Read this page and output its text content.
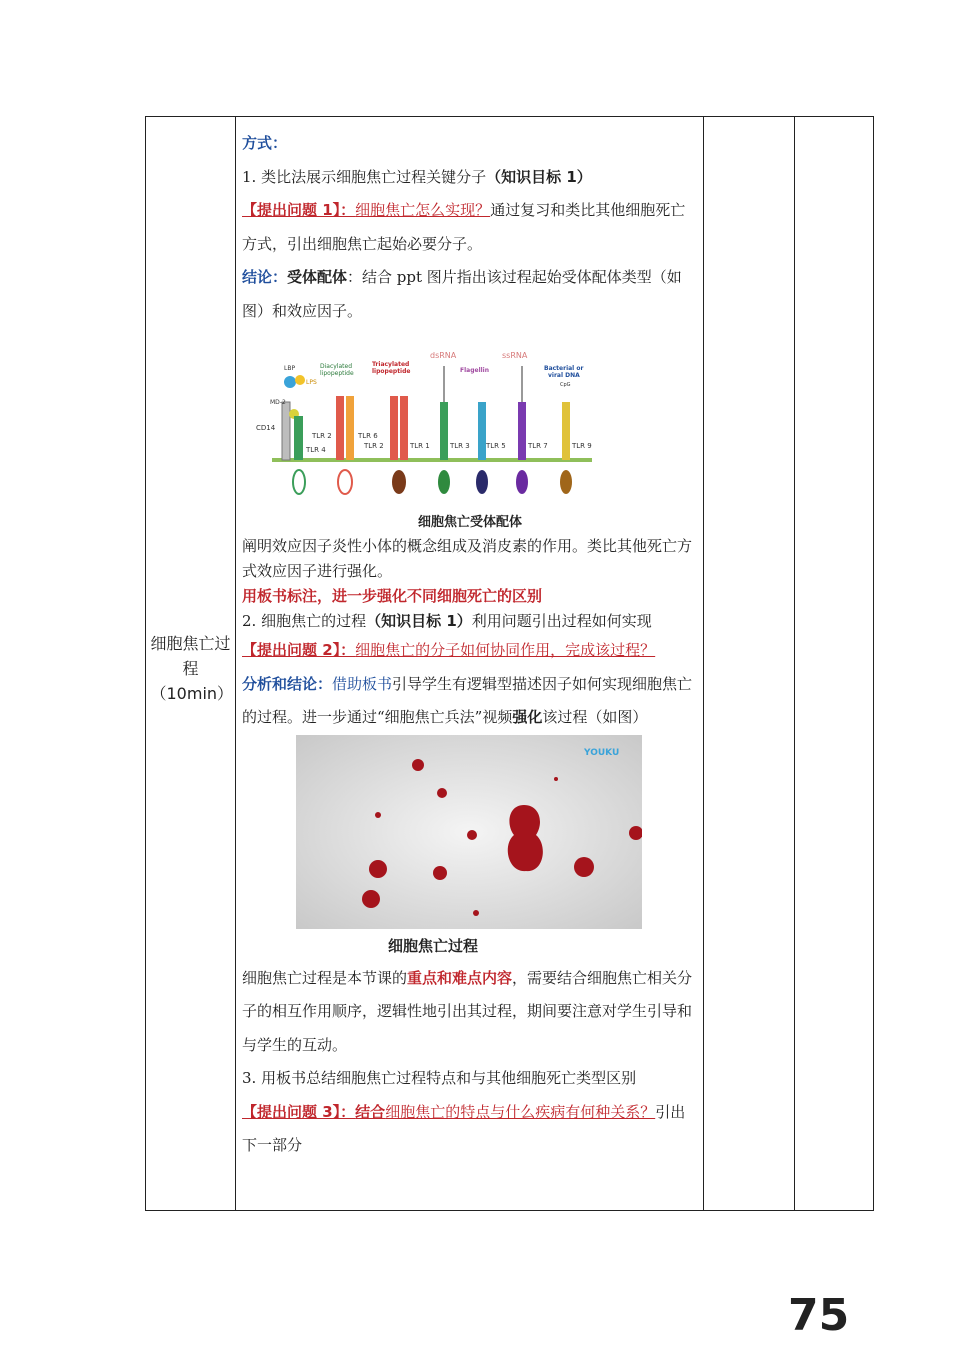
细胞焦亡过程（10min）

方式：

1. 类比法展示细胞焦亡过程关键分子（知识目标 1）

【提出问题 1】：细胞焦亡怎么实现？通过复习和类比其他细胞死亡方式，引出细胞焦亡起始必要分子。

结论：受体配体：结合 ppt 图片指出该过程起始受体配体类型（如图）和效应因子。

CD14
MD-2
LBP
LPS
TLR 4
Diacylated
lipopeptide
TLR 2
Triacylated
lipopeptide
TLR 6
TLR 2	TLR 1
dsRNA
TLR 3
Flagellin
TLR 5
ssRNA
TLR 7
Bacterial or
viral DNA
CpG
TLR 9
细胞焦亡受体配体

阐明效应因子炎性小体的概念组成及消皮素的作用。类比其他死亡方式效应因子进行强化。

用板书标注，进一步强化不同细胞死亡的区别

2. 细胞焦亡的过程（知识目标 1）利用问题引出过程如何实现

【提出问题 2】：细胞焦亡的分子如何协同作用，完成该过程？

分析和结论：借助板书引导学生有逻辑型描述因子如何实现细胞焦亡的过程。进一步通过“细胞焦亡兵法”视频强化该过程（如图）

YOUKU
细胞焦亡过程

细胞焦亡过程是本节课的重点和难点内容，需要结合细胞焦亡相关分子的相互作用顺序，逻辑性地引出其过程，期间要注意对学生引导和与学生的互动。

3. 用板书总结细胞焦亡过程特点和与其他细胞死亡类型区别

【提出问题 3】：结合细胞焦亡的特点与什么疾病有何种关系？引出下一部分

75
